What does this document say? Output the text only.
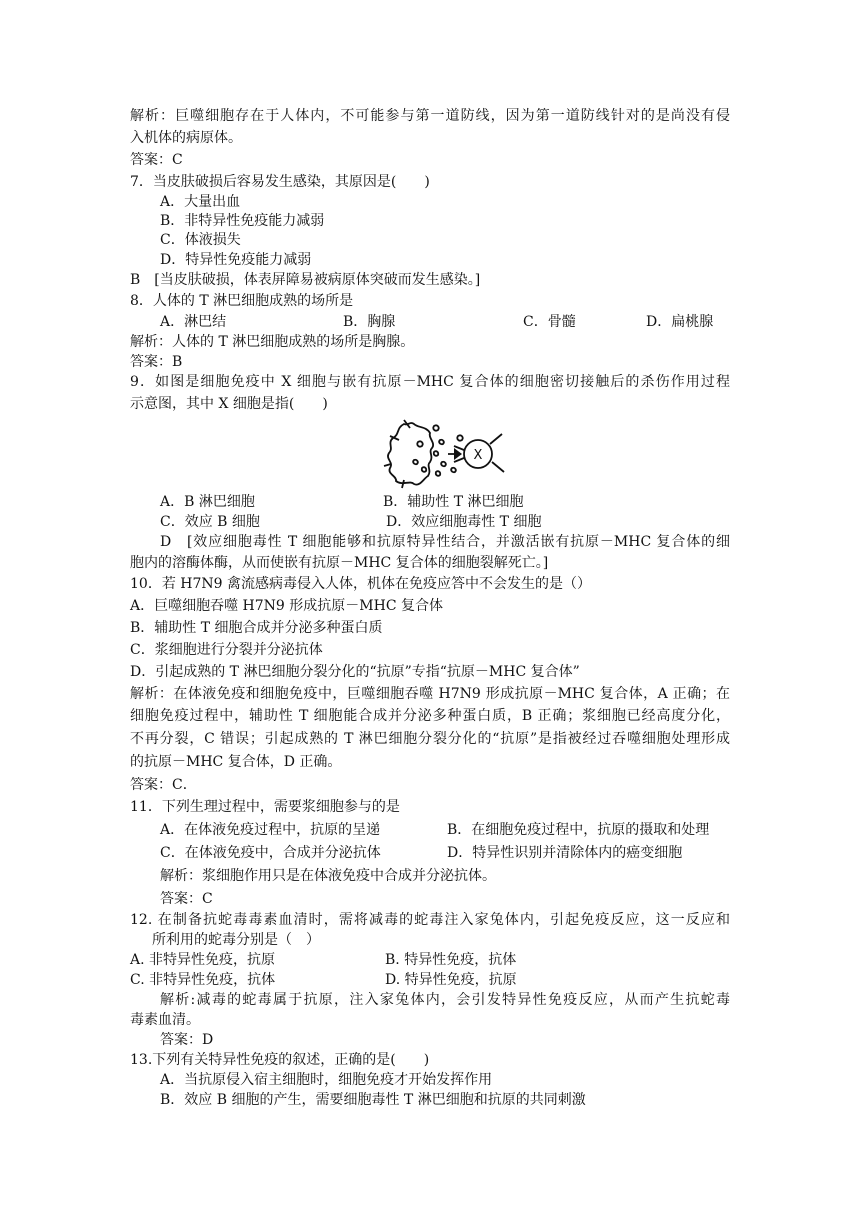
解析：巨噬细胞存在于人体内，不可能参与第一道防线，因为第一道防线针对的是尚没有侵
入机体的病原体。
答案：C
7．当皮肤破损后容易发生感染，其原因是(　　)
A．大量出血
B．非特异性免疫能力减弱
C．体液损失
D．特异性免疫能力减弱
B　[当皮肤破损，体表屏障易被病原体突破而发生感染。]
8．人体的 T 淋巴细胞成熟的场所是
A．淋巴结	B．胸腺	C．骨髓	D．扁桃腺
解析：人体的 T 淋巴细胞成熟的场所是胸腺。
答案：B
9．如图是细胞免疫中 X 细胞与嵌有抗原－MHC 复合体的细胞密切接触后的杀伤作用过程
示意图，其中 X 细胞是指(　　)
X
A．B 淋巴细胞	B．辅助性 T 淋巴细胞
C．效应 B 细胞	D．效应细胞毒性 T 细胞
D　[效应细胞毒性 T 细胞能够和抗原特异性结合，并激活嵌有抗原－MHC 复合体的细
胞内的溶酶体酶，从而使嵌有抗原－MHC 复合体的细胞裂解死亡。]
10．若 H7N9 禽流感病毒侵入人体，机体在免疫应答中不会发生的是（）
A．巨噬细胞吞噬 H7N9 形成抗原－MHC 复合体
B．辅助性 T 细胞合成并分泌多种蛋白质
C．浆细胞进行分裂并分泌抗体
D．引起成熟的 T 淋巴细胞分裂分化的“抗原”专指“抗原－MHC 复合体”
解析：在体液免疫和细胞免疫中，巨噬细胞吞噬 H7N9 形成抗原－MHC 复合体，A 正确；在
细胞免疫过程中，辅助性 T 细胞能合成并分泌多种蛋白质，B 正确；浆细胞已经高度分化，
不再分裂，C 错误；引起成熟的 T 淋巴细胞分裂分化的“抗原”是指被经过吞噬细胞处理形成
的抗原－MHC 复合体，D 正确。
答案：C．
11．下列生理过程中，需要浆细胞参与的是
A．在体液免疫过程中，抗原的呈递	B．在细胞免疫过程中，抗原的摄取和处理
C．在体液免疫中，合成并分泌抗体	D．特异性识别并清除体内的癌变细胞
解析：浆细胞作用只是在体液免疫中合成并分泌抗体。
答案：C
12. 在制备抗蛇毒毒素血清时，需将减毒的蛇毒注入家兔体内，引起免疫反应，这一反应和
所利用的蛇毒分别是（　）
A. 非特异性免疫，抗原	B. 特异性免疫，抗体
C. 非特异性免疫，抗体	D. 特异性免疫，抗原
解析:减毒的蛇毒属于抗原，注入家兔体内，会引发特异性免疫反应，从而产生抗蛇毒
毒素血清。
答案：D
13.下列有关特异性免疫的叙述，正确的是(　　)
A．当抗原侵入宿主细胞时，细胞免疫才开始发挥作用
B．效应 B 细胞的产生，需要细胞毒性 T 淋巴细胞和抗原的共同刺激
